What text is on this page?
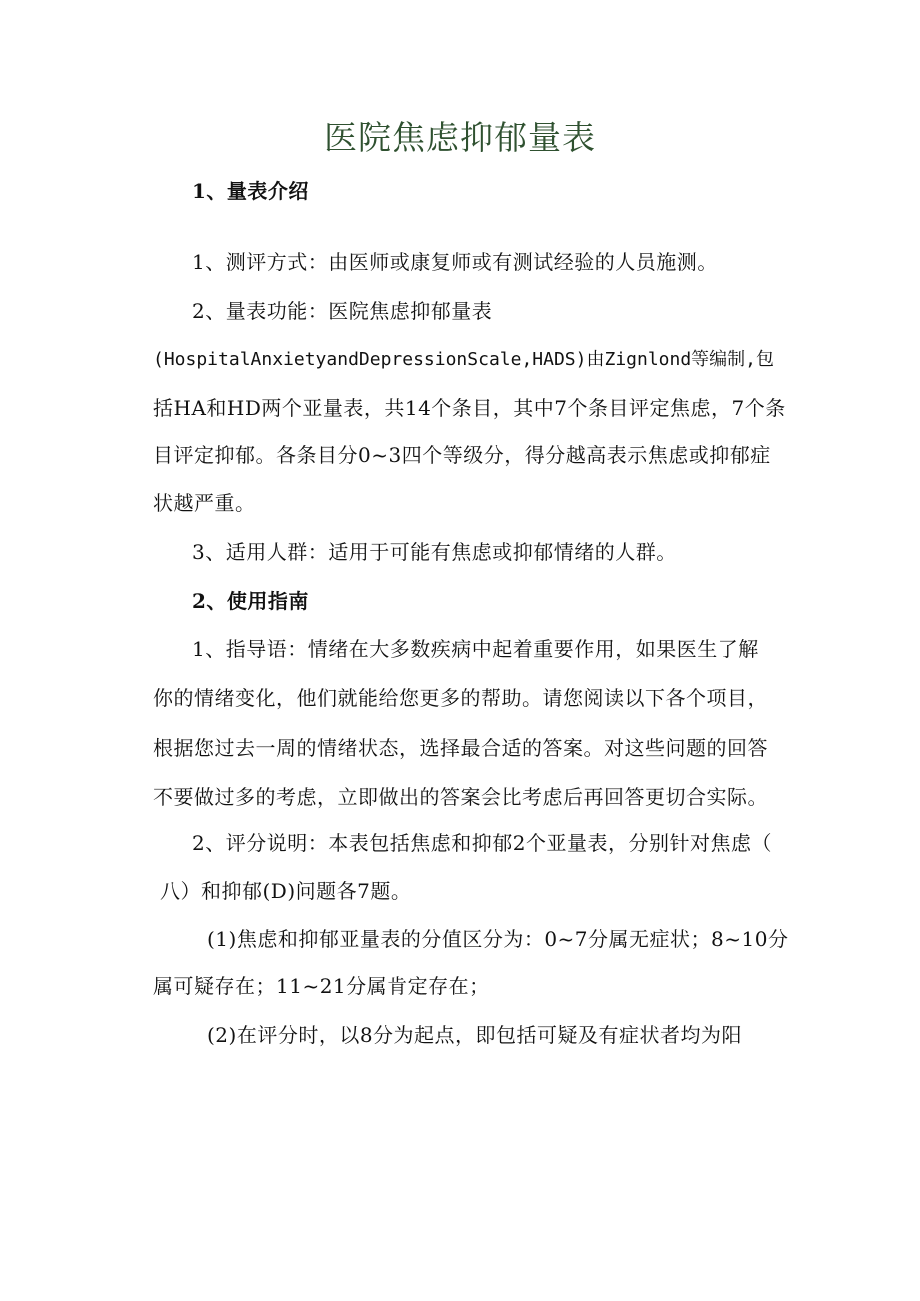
医院焦虑抑郁量表
1、量表介绍
1、测评方式：由医师或康复师或有测试经验的人员施测。
2、量表功能：医院焦虑抑郁量表
(HospitalAnxietyandDepressionScale,HADS)由Zignlond等编制,包
括HA和HD两个亚量表，共14个条目，其中7个条目评定焦虑，7个条
目评定抑郁。各条目分0~3四个等级分，得分越高表示焦虑或抑郁症
状越严重。
3、适用人群：适用于可能有焦虑或抑郁情绪的人群。
2、使用指南
1、指导语：情绪在大多数疾病中起着重要作用，如果医生了解
你的情绪变化，他们就能给您更多的帮助。请您阅读以下各个项目，
根据您过去一周的情绪状态，选择最合适的答案。对这些问题的回答
不要做过多的考虑，立即做出的答案会比考虑后再回答更切合实际。
2、评分说明：本表包括焦虑和抑郁2个亚量表，分别针对焦虑（
八）和抑郁(D)问题各7题。
(1)焦虑和抑郁亚量表的分值区分为：0~7分属无症状；8~10分
属可疑存在；11~21分属肯定存在；
(2)在评分时，以8分为起点，即包括可疑及有症状者均为阳
